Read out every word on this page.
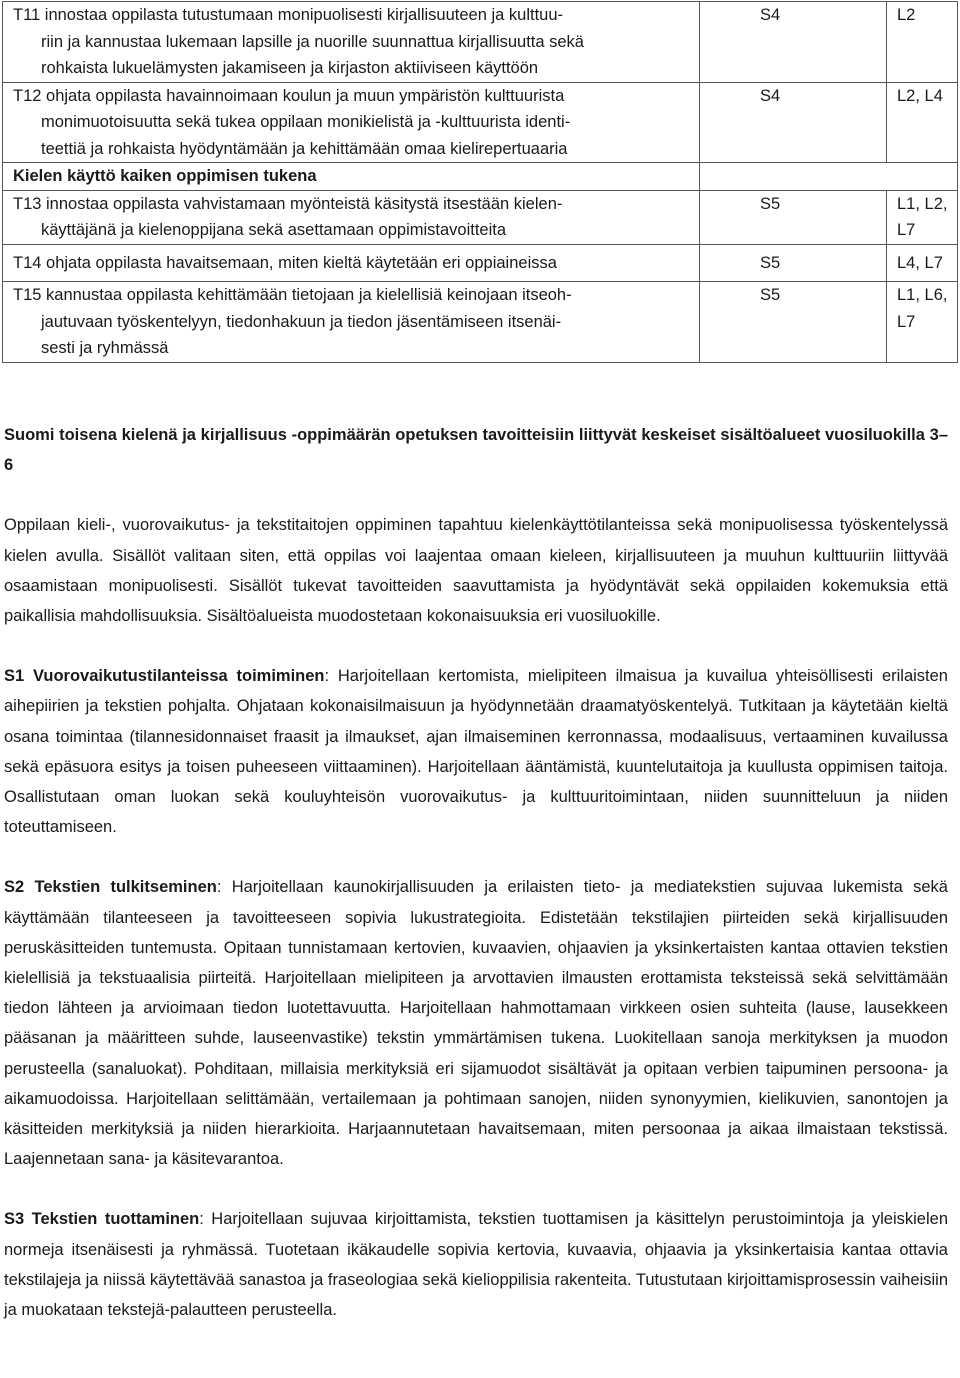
T11 innostaa oppilasta tutustumaan monipuolisesti kirjallisuuteen ja kulttuu-
riin ja kannustaa lukemaan lapsille ja nuorille suunnattua kirjallisuutta sekä
rohkaista lukuelämysten jakamiseen ja kirjaston aktiiviseen käyttöön	S4	L2

T12 ohjata oppilasta havainnoimaan koulun ja muun ympäristön kulttuurista
monimuotoisuutta sekä tukea oppilaan monikielistä ja -kulttuurista identi-
teettiä ja rohkaista hyödyntämään ja kehittämään omaa kielirepertuaaria	S4	L2, L4
Kielen käyttö kaiken oppimisen tukena		

T13 innostaa oppilasta vahvistamaan myönteistä käsitystä itsestään kielen-
käyttäjänä ja kielenoppijana sekä asettamaan oppimistavoitteita	S5	L1, L2, L7

T14 ohjata oppilasta havaitsemaan, miten kieltä käytetään eri oppiaineissa	S5	L4, L7

T15 kannustaa oppilasta kehittämään tietojaan ja kielellisiä keinojaan itseoh-
jautuvaan työskentelyyn, tiedonhakuun ja tiedon jäsentämiseen itsenäi-
sesti ja ryhmässä	S5	L1, L6, L7

Suomi toisena kielenä ja kirjallisuus -oppimäärän opetuksen tavoitteisiin liittyvät keskeiset sisältöalueet vuosiluokilla 3–6

Oppilaan kieli-, vuorovaikutus- ja tekstitaitojen oppiminen tapahtuu kielenkäyttötilanteissa sekä monipuolisessa työskentelyssä kielen avulla. Sisällöt valitaan siten, että oppilas voi laajentaa omaan kieleen, kirjallisuuteen ja muuhun kulttuuriin liittyvää osaamistaan monipuolisesti. Sisällöt tukevat tavoitteiden saavuttamista ja hyödyntävät sekä oppilaiden kokemuksia että paikallisia mahdollisuuksia. Sisältöalueista muodostetaan kokonaisuuksia eri vuosiluokille.

S1 Vuorovaikutustilanteissa toimiminen: Harjoitellaan kertomista, mielipiteen ilmaisua ja kuvailua yhteisöllisesti erilaisten aihepiirien ja tekstien pohjalta. Ohjataan kokonaisilmaisuun ja hyödynnetään draamatyöskentelyä. Tutkitaan ja käytetään kieltä osana toimintaa (tilannesidonnaiset fraasit ja ilmaukset, ajan ilmaiseminen kerronnassa, modaalisuus, vertaaminen kuvailussa sekä epäsuora esitys ja toisen puheeseen viittaaminen). Harjoitellaan ääntämistä, kuuntelutaitoja ja kuullusta oppimisen taitoja. Osallistutaan oman luokan sekä kouluyhteisön vuorovaikutus- ja kulttuuritoimintaan, niiden suunnitteluun ja niiden toteuttamiseen.

S2 Tekstien tulkitseminen: Harjoitellaan kaunokirjallisuuden ja erilaisten tieto- ja mediatekstien sujuvaa lukemista sekä käyttämään tilanteeseen ja tavoitteeseen sopivia lukustrategioita. Edistetään tekstilajien piirteiden sekä kirjallisuuden peruskäsitteiden tuntemusta. Opitaan tunnistamaan kertovien, kuvaavien, ohjaavien ja yksinkertaisten kantaa ottavien tekstien kielellisiä ja tekstuaalisia piirteitä. Harjoitellaan mielipiteen ja arvottavien ilmausten erottamista teksteissä sekä selvittämään tiedon lähteen ja arvioimaan tiedon luotettavuutta. Harjoitellaan hahmottamaan virkkeen osien suhteita (lause, lausekkeen pääsanan ja määritteen suhde, lauseenvastike) tekstin ymmärtämisen tukena. Luokitellaan sanoja merkityksen ja muodon perusteella (sanaluokat). Pohditaan, millaisia merkityksiä eri sijamuodot sisältävät ja opitaan verbien taipuminen persoona- ja aikamuodoissa. Harjoitellaan selittämään, vertailemaan ja pohtimaan sanojen, niiden synonyymien, kielikuvien, sanontojen ja käsitteiden merkityksiä ja niiden hierarkioita. Harjaannutetaan havaitsemaan, miten persoonaa ja aikaa ilmaistaan tekstissä. Laajennetaan sana- ja käsitevarantoa.

S3 Tekstien tuottaminen: Harjoitellaan sujuvaa kirjoittamista, tekstien tuottamisen ja käsittelyn perustoimintoja ja yleiskielen normeja itsenäisesti ja ryhmässä. Tuotetaan ikäkaudelle sopivia kertovia, kuvaavia, ohjaavia ja yksinkertaisia kantaa ottavia tekstilajeja ja niissä käytettävää sanastoa ja fraseologiaa sekä kielioppilisia rakenteita. Tutustutaan kirjoittamisprosessin vaiheisiin ja muokataan tekstejä-palautteen perusteella.
